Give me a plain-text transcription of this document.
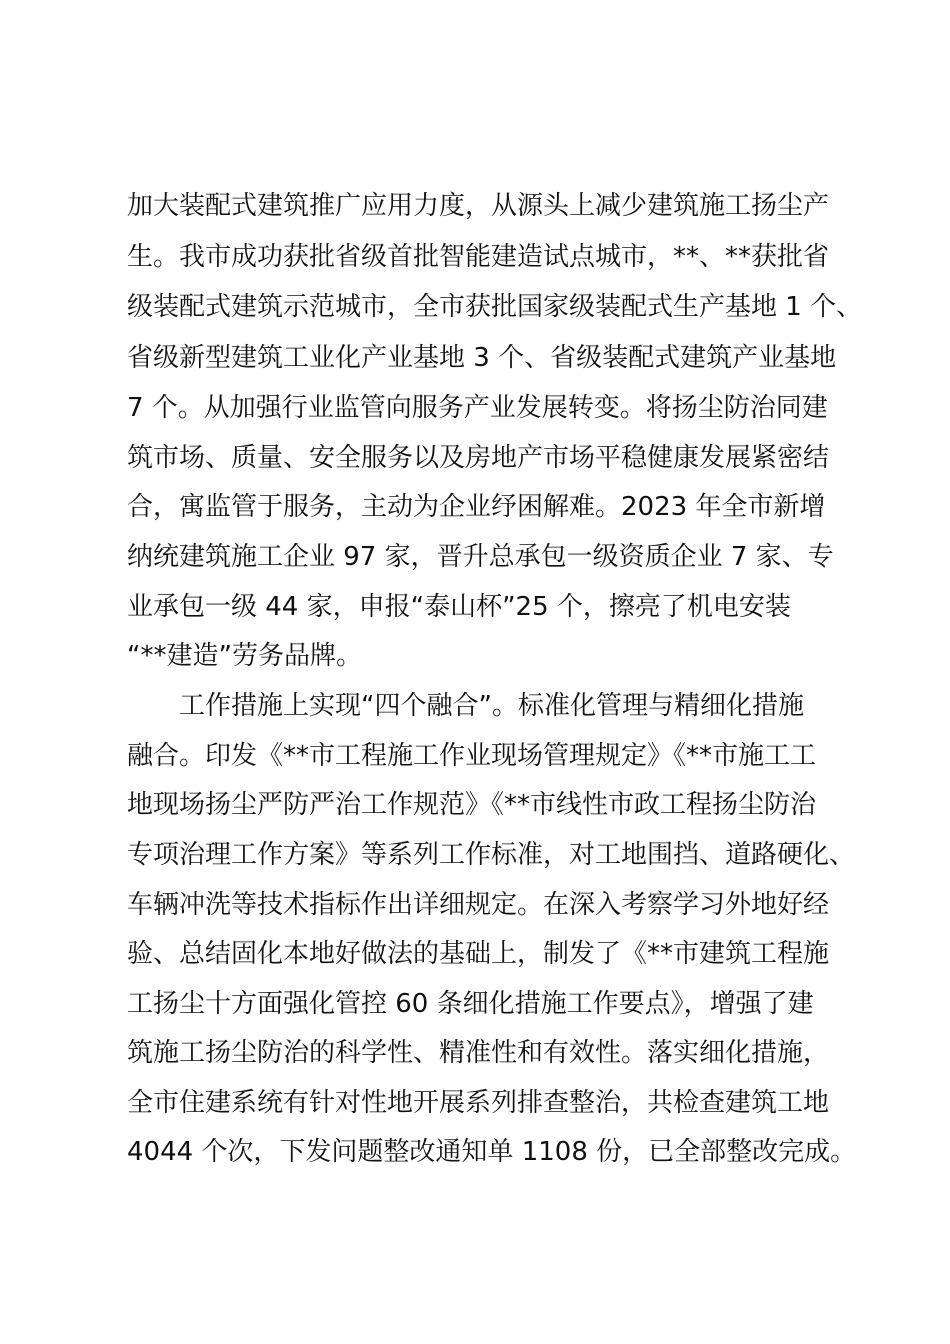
加大装配式建筑推广应用力度，从源头上减少建筑施工扬尘产
生。我市成功获批省级首批智能建造试点城市，**、**获批省
级装配式建筑示范城市，全市获批国家级装配式生产基地 1 个、
省级新型建筑工业化产业基地 3 个、省级装配式建筑产业基地
7 个。从加强行业监管向服务产业发展转变。将扬尘防治同建
筑市场、质量、安全服务以及房地产市场平稳健康发展紧密结
合，寓监管于服务，主动为企业纾困解难。2023 年全市新增
纳统建筑施工企业 97 家，晋升总承包一级资质企业 7 家、专
业承包一级 44 家，申报“泰山杯”25 个，擦亮了机电安装
“**建造”劳务品牌。
工作措施上实现“四个融合”。标准化管理与精细化措施
融合。印发《**市工程施工作业现场管理规定》《**市施工工
地现场扬尘严防严治工作规范》《**市线性市政工程扬尘防治
专项治理工作方案》等系列工作标准，对工地围挡、道路硬化、
车辆冲洗等技术指标作出详细规定。在深入考察学习外地好经
验、总结固化本地好做法的基础上，制发了《**市建筑工程施
工扬尘十方面强化管控 60 条细化措施工作要点》，增强了建
筑施工扬尘防治的科学性、精准性和有效性。落实细化措施，
全市住建系统有针对性地开展系列排查整治，共检查建筑工地
4044 个次，下发问题整改通知单 1108 份，已全部整改完成。
